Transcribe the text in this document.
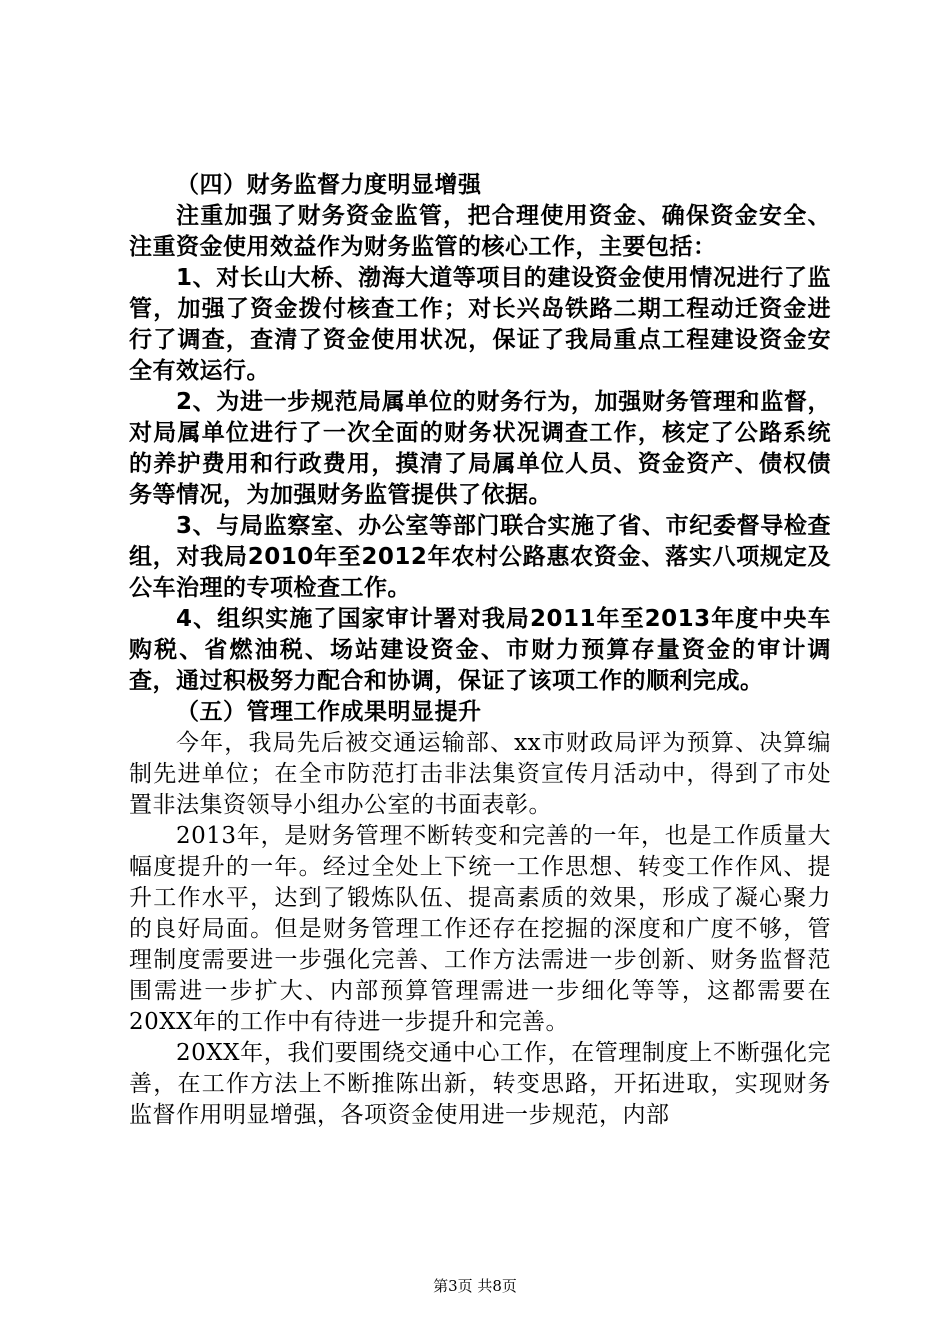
（四）财务监督力度明显增强

注重加强了财务资金监管，把合理使用资金、确保资金安全、注重资金使用效益作为财务监管的核心工作，主要包括：

1、对长山大桥、渤海大道等项目的建设资金使用情况进行了监管，加强了资金拨付核查工作；对长兴岛铁路二期工程动迁资金进行了调查，查清了资金使用状况，保证了我局重点工程建设资金安全有效运行。

2、为进一步规范局属单位的财务行为，加强财务管理和监督，对局属单位进行了一次全面的财务状况调查工作，核定了公路系统的养护费用和行政费用，摸清了局属单位人员、资金资产、债权债务等情况，为加强财务监管提供了依据。

3、与局监察室、办公室等部门联合实施了省、市纪委督导检查组，对我局2010年至2012年农村公路惠农资金、落实八项规定及公车治理的专项检查工作。

4、组织实施了国家审计署对我局2011年至2013年度中央车购税、省燃油税、场站建设资金、市财力预算存量资金的审计调查，通过积极努力配合和协调，保证了该项工作的顺利完成。

（五）管理工作成果明显提升

今年，我局先后被交通运输部、xx市财政局评为预算、决算编制先进单位；在全市防范打击非法集资宣传月活动中，得到了市处置非法集资领导小组办公室的书面表彰。

2013年，是财务管理不断转变和完善的一年，也是工作质量大幅度提升的一年。经过全处上下统一工作思想、转变工作作风、提升工作水平，达到了锻炼队伍、提高素质的效果，形成了凝心聚力的良好局面。但是财务管理工作还存在挖掘的深度和广度不够，管理制度需要进一步强化完善、工作方法需进一步创新、财务监督范围需进一步扩大、内部预算管理需进一步细化等等，这都需要在20XX年的工作中有待进一步提升和完善。

20XX年，我们要围绕交通中心工作，在管理制度上不断强化完善，在工作方法上不断推陈出新，转变思路，开拓进取，实现财务监督作用明显增强，各项资金使用进一步规范，内部

第3页 共8页
